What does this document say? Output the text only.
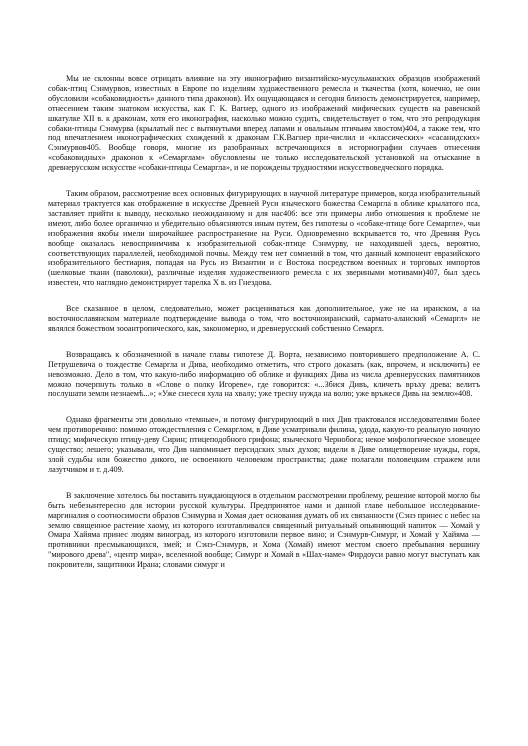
Мы не склонны вовсе отрицать влияние на эту иконографию византийско-мусульманских образцов изображений собак-птиц Сэнмурвов, известных в Европе по изделиям художественного ремесла и ткачества (хотя, конечно, не они обусловили «собаковидность» данного типа драконов). Их ощущающаяся и сегодня близость демонстрируется, например, отнесением таким знатоком искусства, как Г. К. Вагнер, одного из изображений мифических существ на равенской шкатулке XII в. к драконам, хотя его иконография, насколько можно судить, свидетельствует о том, что это репродукция собаки-птицы Сэнмурва (крылатый пес с вытянутыми вперед лапами и овальным птичьим хвостом)404, а также тем, что под впечатлением иконографических схождений к драконам Г.К.Вагнер при-числил и «классических» «сасанидских» Сэнмурвов405. Вообще говоря, многие из разобранных встречающихся в историографии случаев отнесения «собаковидных» драконов к «Семарглам» обусловлены не только исследовательской установкой на отыскание в древнерусском искусстве «собаки-птицы Семаргла», и не порождены трудностями искусствоведческого порядка.

Таким образом, рассмотрение всех основных фигурирующих в научной литературе примеров, когда изобразительный материал трактуется как отображение в искусстве Древней Руси языческого божества Семаргла в облике крылатого пса, заставляет прийти к выводу, несколько неожиданному и для нас406: все эти примеры либо отношения к проблеме не имеют, либо более органично и убедительно объясняются иным путем, без гипотезы о «собаке-птице боге Семаргле», чьи изображения якобы имели широчайшее распространение на Руси. Одновременно вскрывается то, что Древняя Русь вообще оказалась невосприимчива к изобразительной собак-птице Сэнмурву, не находившей здесь, вероятно, соответствующих параллелей, необходимой почвы. Между тем нет сомнений в том, что данный компонент евразийского изобразительного бестиария, попадая на Русь из Византии и с Востока посредством военных и торговых импортов (шелковые ткани (паволоки), различные изделия художественного ремесла с их звериными мотивами)407, был здесь известен, что наглядно демонстрирует тарелка X в. из Гнездова.

Все сказанное в целом, следовательно, может расцениваться как дополнительное, уже не на иранском, а на восточнославянском материале подтверждение вывода о том, что восточноиранский, сармато-аланский «Семаргл» не являлся божеством зооантропического, как, закономерно, и древнерусский собственно Семаргл.

Возвращаясь к обозначенной в начале главы гипотезе Д. Ворта, независимо повторившего предположение А. С. Петрушевича о тождестве Семаргла и Дива, необходимо отметить, что строго доказать (как, впрочем, и исключить) ее невозможно. Дело в том, что какую-либо информацию об облике и функциях Дива из числа древнерусских памятников можно почерпнуть только в «Слове о полку Игореве», где говорится: «...Збися Дивъ, кличетъ връху древа: велитъ послушати земли незнаемѣ...»; «Уже снесеся хула на хвалу; уже тресну нужда на волю; уже връжеся Дивь на землю»408.

Однако фрагменты эти довольно «темные», и потому фигурирующий в них Див трактовался исследователями более чем противоречиво: помимо отождествления с Семарглом, в Диве усматривали филина, удода, какую-то реальную ночную птицу; мифическую птицу-деву Сирин; птицеподобного грифона; языческого Чернобога; некое мифологическое зловещее существо; лешего; указывали, что Див напоминает персидских злых духов; видели в Диве олицетворение нужды, горя, злой судьбы или божество дикого, не освоенного человеком пространства; даже полагали половецким стражем или лазутчиком и т. д.409.

В заключение хотелось бы поставить нуждающуюся в отдельном рассмотрении проблему, решение которой могло бы быть небезынтересно для истории русской культуры. Предпринятое нами и данной главе небольшое исследование-маргиналия о соотносимости образов Сэнмурва и Хомая дает основания думать об их связанности (Сэнэ принес с небес на землю священное растение хаому, из которого изготавливался священный ритуальный опьяняющий напиток — Хомай у Омара Хайяма принес людям виноград, из которого изготовили первое вино; и Сэнмурв-Симург, и Хомай у Хайяма — противники пресмыкающихся, змей; и Сэнэ-Сэнмурв, и Хома (Хомай) имеют местом своего пребывания вершину "мирового древа", «центр мира», вселенной вообще; Симург и Хомай в «Шах-наме» Фирдоуси равно могут выступать как покровители, защитники Ирана; словами симург и
